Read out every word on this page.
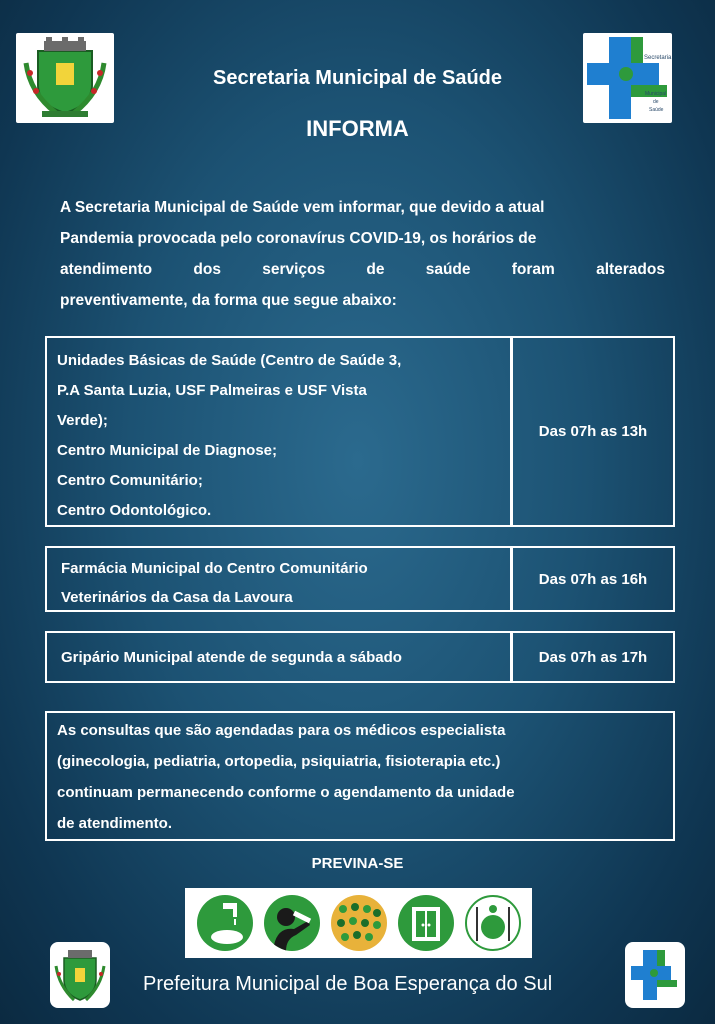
Secretaria
Municipal
de
Saúde
Secretaria Municipal de Saúde
INFORMA
A Secretaria Municipal de Saúde vem informar, que devido a atual
Pandemia provocada pelo coronavírus COVID-19, os horários de
atendimento dos serviços de saúde foram alterados
preventivamente, da forma que segue abaixo:
Unidades Básicas de Saúde (Centro de Saúde 3,
P.A Santa Luzia, USF Palmeiras e USF Vista
Verde);
Centro Municipal de Diagnose;
Centro Comunitário;
Centro Odontológico.
Das 07h as 13h
Farmácia Municipal do Centro Comunitário
Veterinários da Casa da Lavoura
Das 07h as 16h
Gripário Municipal atende de segunda a sábado	Das 07h as 17h
As consultas que são agendadas para os médicos especialista
(ginecologia, pediatria, ortopedia, psiquiatria, fisioterapia etc.)
continuam permanecendo conforme o agendamento da unidade
de atendimento.
PREVINA-SE
Prefeitura Municipal de Boa Esperança do Sul
